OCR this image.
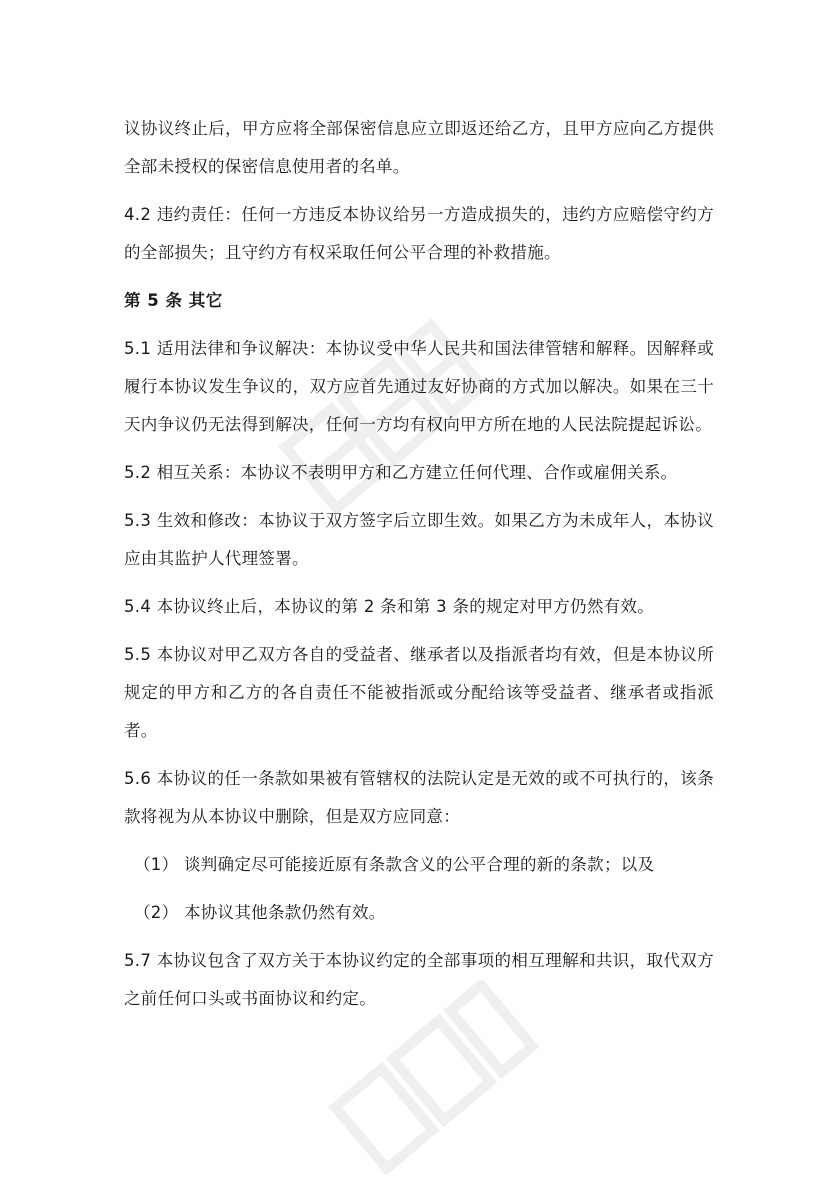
议协议终止后，甲方应将全部保密信息应立即返还给乙方，且甲方应向乙方提供全部未授权的保密信息使用者的名单。

4.2 违约责任：任何一方违反本协议给另一方造成损失的，违约方应赔偿守约方的全部损失；且守约方有权采取任何公平合理的补救措施。

第 5 条 其它

5.1 适用法律和争议解决：本协议受中华人民共和国法律管辖和解释。因解释或履行本协议发生争议的，双方应首先通过友好协商的方式加以解决。如果在三十天内争议仍无法得到解决，任何一方均有权向甲方所在地的人民法院提起诉讼。

5.2 相互关系：本协议不表明甲方和乙方建立任何代理、合作或雇佣关系。

5.3 生效和修改：本协议于双方签字后立即生效。如果乙方为未成年人，本协议应由其监护人代理签署。

5.4 本协议终止后，本协议的第 2 条和第 3 条的规定对甲方仍然有效。

5.5 本协议对甲乙双方各自的受益者、继承者以及指派者均有效，但是本协议所规定的甲方和乙方的各自责任不能被指派或分配给该等受益者、继承者或指派者。

5.6 本协议的任一条款如果被有管辖权的法院认定是无效的或不可执行的，该条款将视为从本协议中删除，但是双方应同意：

（1） 谈判确定尽可能接近原有条款含义的公平合理的新的条款；以及

（2） 本协议其他条款仍然有效。

5.7 本协议包含了双方关于本协议约定的全部事项的相互理解和共识，取代双方之前任何口头或书面协议和约定。
